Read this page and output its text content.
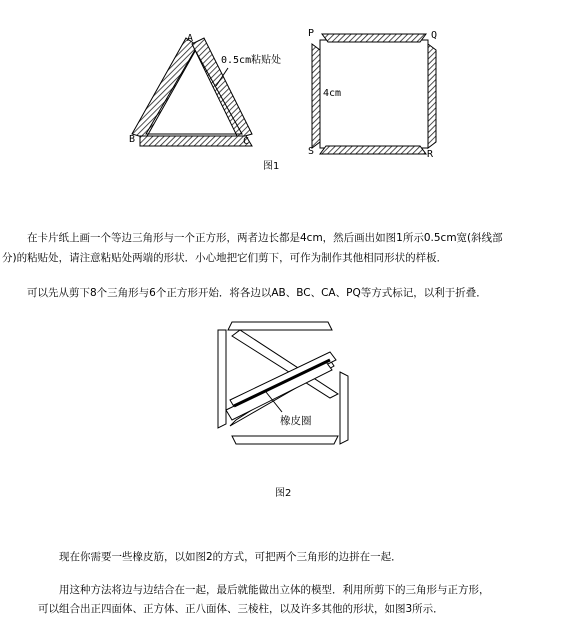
A
B	C
0.5cm粘贴处
P	Q
S	R
4cm
图1
在卡片纸上画一个等边三角形与一个正方形，两者边长都是4cm，然后画出如图1所示0.5cm宽(斜线部
分)的粘贴处，请注意粘贴处两端的形状．小心地把它们剪下，可作为制作其他相同形状的样板．
可以先从剪下8个三角形与6个正方形开始．将各边以AB、BC、CA、PQ等方式标记，以利于折叠．
橡皮圈
图2
现在你需要一些橡皮筋，以如图2的方式，可把两个三角形的边拼在一起．
用这种方法将边与边结合在一起，最后就能做出立体的模型．利用所剪下的三角形与正方形，
可以组合出正四面体、正方体、正八面体、三棱柱，以及许多其他的形状，如图3所示．
